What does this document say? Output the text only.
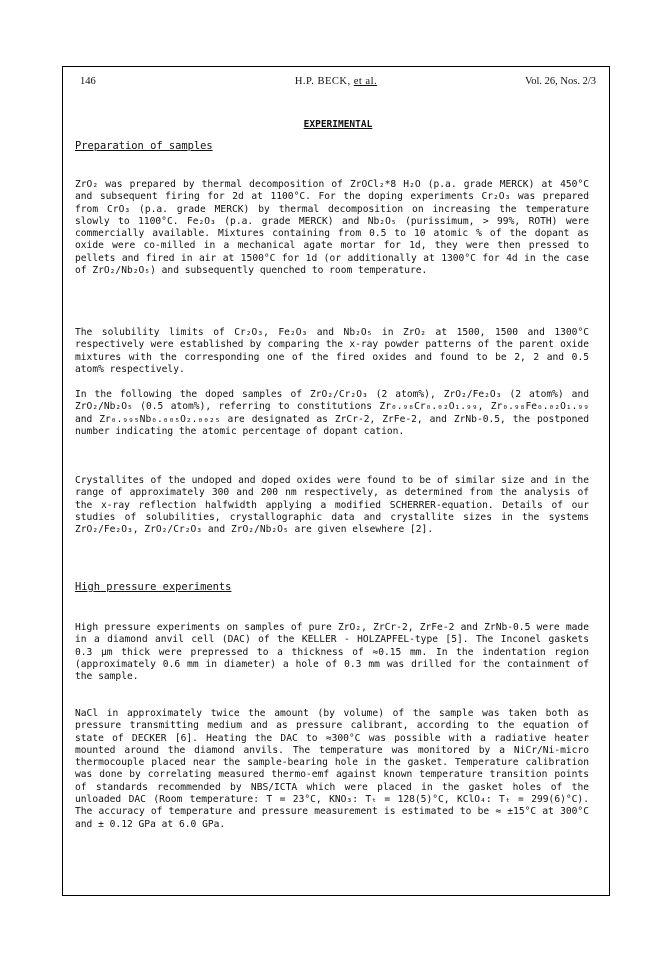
146	H.P. BECK, et al.	Vol. 26, Nos. 2/3
EXPERIMENTAL
Preparation of samples

ZrO₂ was prepared by thermal decomposition of ZrOCl₂*8 H₂O (p.a. grade MERCK) at 450°C and subsequent firing for 2d at 1100°C. For the doping experiments Cr₂O₃ was prepared from CrO₃ (p.a. grade MERCK) by thermal decomposition on increasing the temperature slowly to 1100°C. Fe₂O₃ (p.a. grade MERCK) and Nb₂O₅ (purissimum, > 99%, ROTH) were commercially available. Mixtures containing from 0.5 to 10 atomic % of the dopant as oxide were co-milled in a mechanical agate mortar for 1d, they were then pressed to pellets and fired in air at 1500°C for 1d (or additionally at 1300°C for 4d in the case of ZrO₂/Nb₂O₅) and subsequently quenched to room temperature.

The solubility limits of Cr₂O₃, Fe₂O₃ and Nb₂O₅ in ZrO₂ at 1500, 1500 and 1300°C respectively were established by comparing the x-ray powder patterns of the parent oxide mixtures with the corresponding one of the fired oxides and found to be 2, 2 and 0.5 atom% respectively.

In the following the doped samples of ZrO₂/Cr₂O₃ (2 atom%), ZrO₂/Fe₂O₃ (2 atom%) and ZrO₂/Nb₂O₅ (0.5 atom%), referring to constitutions Zr₀.₉₈Cr₀.₀₂O₁.₉₉, Zr₀.₉₈Fe₀.₀₂O₁.₉₉ and Zr₀.₉₉₅Nb₀.₀₀₅O₂.₀₀₂₅ are designated as ZrCr-2, ZrFe-2, and ZrNb-0.5, the postponed number indicating the atomic percentage of dopant cation.

Crystallites of the undoped and doped oxides were found to be of similar size and in the range of approximately 300 and 200 nm respectively, as determined from the analysis of the x-ray reflection halfwidth applying a modified SCHERRER-equation. Details of our studies of solubilities, crystallographic data and crystallite sizes in the systems ZrO₂/Fe₂O₃, ZrO₂/Cr₂O₃ and ZrO₂/Nb₂O₅ are given elsewhere [2].

High pressure experiments

High pressure experiments on samples of pure ZrO₂, ZrCr-2, ZrFe-2 and ZrNb-0.5 were made in a diamond anvil cell (DAC) of the KELLER - HOLZAPFEL-type [5]. The Inconel gaskets 0.3 µm thick were prepressed to a thickness of ≈0.15 mm. In the indentation region (approximately 0.6 mm in diameter) a hole of 0.3 mm was drilled for the containment of the sample.

NaCl in approximately twice the amount (by volume) of the sample was taken both as pressure transmitting medium and as pressure calibrant, according to the equation of state of DECKER [6]. Heating the DAC to ≈300°C was possible with a radiative heater mounted around the diamond anvils. The temperature was monitored by a NiCr/Ni-micro thermocouple placed near the sample-bearing hole in the gasket. Temperature calibration was done by correlating measured thermo-emf against known temperature transition points of standards recommended by NBS/ICTA which were placed in the gasket holes of the unloaded DAC (Room temperature: T = 23°C, KNO₃: Tₜ = 128(5)°C, KClO₄: Tₜ = 299(6)°C). The accuracy of temperature and pressure measurement is estimated to be ≈ ±15°C at 300°C and ± 0.12 GPa at 6.0 GPa.
